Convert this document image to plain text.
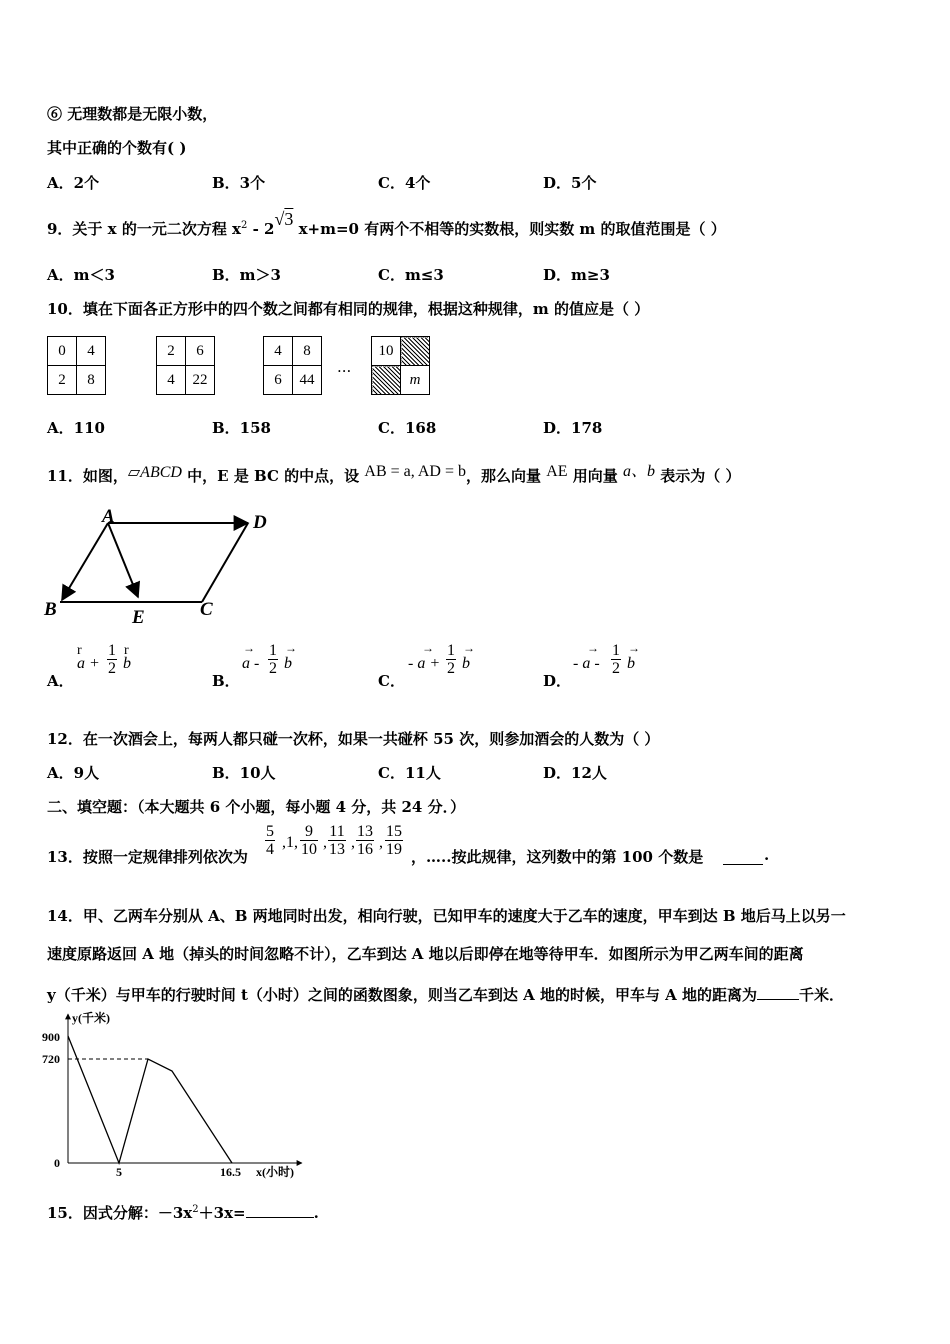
⑥ 无理数都是无限小数，
其中正确的个数有( )
A．2个	B．3个	C．4个	D．5个
9．关于 x 的一元二次方程 $x^2 - 2√3$ x+m=0 有两个不相等的实数根，则实数 m 的取值范围是（ ）
A．m＜3	B．m＞3	C．m≤3	D．m≥3
10．填在下面各正方形中的四个数之间都有相同的规律，根据这种规律，m 的值应是（ ）
0	4
2	8
2	6
4	22
4	8
6	44 ···
10	
	m
A．110	B．158	C．168	D．178
11．如图，▱ABCD 中，E 是 BC 的中点，设 AB = a, AD = b，那么向量 AE 用向量 a、b 表示为（ ）
A	D
B	E	C
A．
r
$a + \frac{1}{2}$ r
b
B．
→
a - $\frac{1}{2}$ →
b
C．
→
- $a + \frac{1}{2}$ →
b
D．
→
- a - $\frac{1}{2}$ →
b
12．在一次酒会上，每两人都只碰一次杯，如果一共碰杯 55 次，则参加酒会的人数为（ ）
A．9人	B．10人	C．11人	D．12人
二、填空题：（本大题共 6 个小题，每小题 4 分，共 24 分．）
13．按照一定规律排列依次为 $\frac{5}{4} ,1$, $\frac{9}{10}$ , $\frac{11}{13}$ , $\frac{13}{16}$ , $\frac{15}{19}$ ，…..按此规律，这列数中的第 100 个数是	.
14．甲、乙两车分别从 A、B 两地同时出发，相向行驶，已知甲车的速度大于乙车的速度，甲车到达 B 地后马上以另一
速度原路返回 A 地（掉头的时间忽略不计），乙车到达 A 地以后即停在地等待甲车．如图所示为甲乙两车间的距离
y（千米）与甲车的行驶时间 t（小时）之间的函数图象，则当乙车到达 A 地的时候，甲车与 A 地的距离为	千米．
y(千米)
x(小时)
900
720
0
5	16.5
15．因式分解：$-3x^2+3x=$	.
